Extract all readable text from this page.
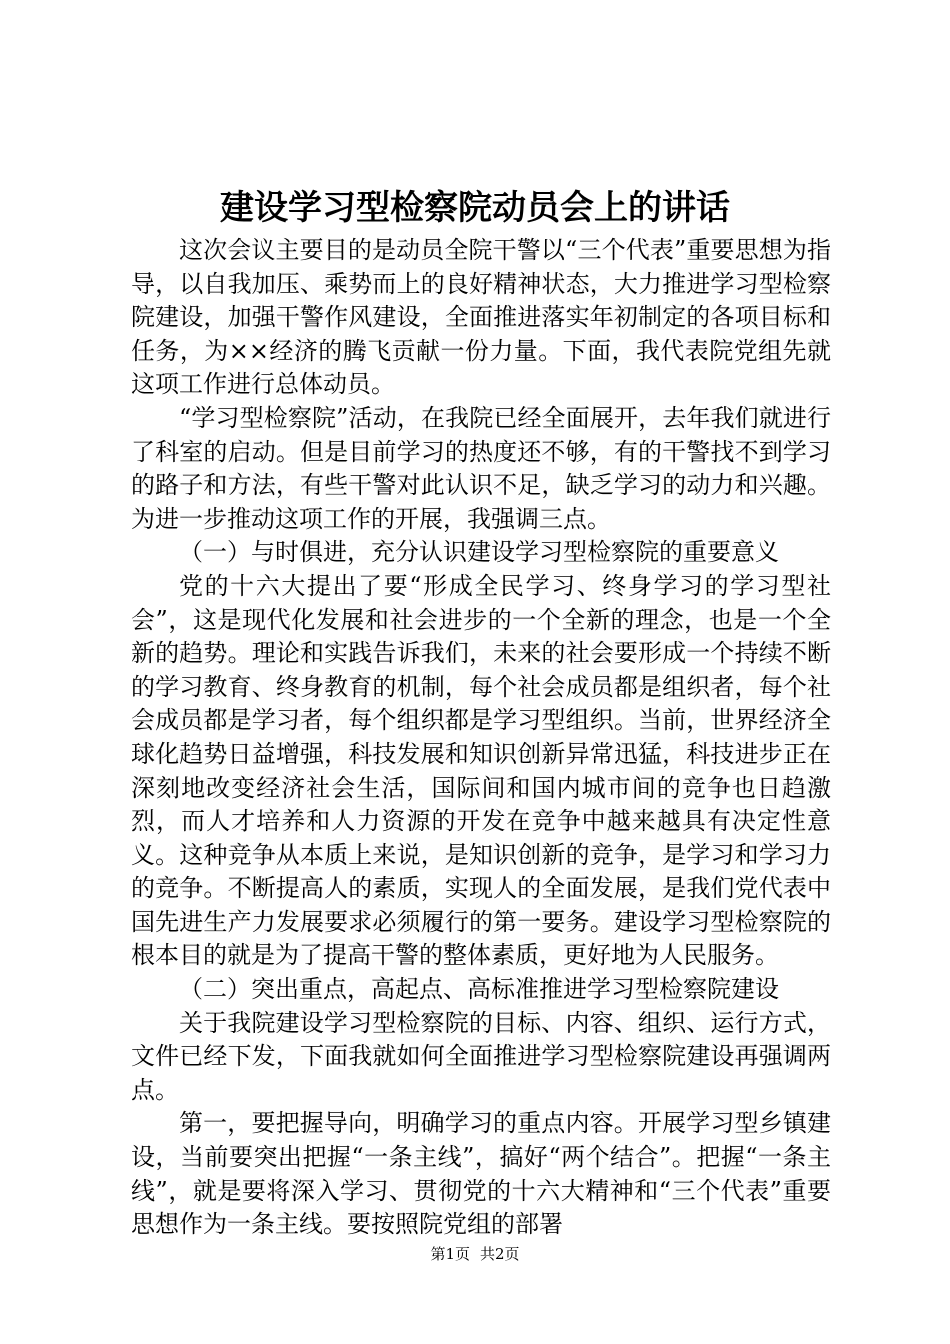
建设学习型检察院动员会上的讲话

这次会议主要目的是动员全院干警以“三个代表”重要思想为指导，以自我加压、乘势而上的良好精神状态，大力推进学习型检察院建设，加强干警作风建设，全面推进落实年初制定的各项目标和任务，为××经济的腾飞贡献一份力量。下面，我代表院党组先就这项工作进行总体动员。

“学习型检察院”活动，在我院已经全面展开，去年我们就进行了科室的启动。但是目前学习的热度还不够，有的干警找不到学习的路子和方法，有些干警对此认识不足，缺乏学习的动力和兴趣。为进一步推动这项工作的开展，我强调三点。

（一）与时俱进，充分认识建设学习型检察院的重要意义

党的十六大提出了要“形成全民学习、终身学习的学习型社会”，这是现代化发展和社会进步的一个全新的理念，也是一个全新的趋势。理论和实践告诉我们，未来的社会要形成一个持续不断的学习教育、终身教育的机制，每个社会成员都是组织者，每个社会成员都是学习者，每个组织都是学习型组织。当前，世界经济全球化趋势日益增强，科技发展和知识创新异常迅猛，科技进步正在深刻地改变经济社会生活，国际间和国内城市间的竞争也日趋激烈，而人才培养和人力资源的开发在竞争中越来越具有决定性意义。这种竞争从本质上来说，是知识创新的竞争，是学习和学习力的竞争。不断提高人的素质，实现人的全面发展，是我们党代表中国先进生产力发展要求必须履行的第一要务。建设学习型检察院的根本目的就是为了提高干警的整体素质，更好地为人民服务。

（二）突出重点，高起点、高标准推进学习型检察院建设

关于我院建设学习型检察院的目标、内容、组织、运行方式，文件已经下发，下面我就如何全面推进学习型检察院建设再强调两点。

第一，要把握导向，明确学习的重点内容。开展学习型乡镇建设，当前要突出把握“一条主线”，搞好“两个结合”。把握“一条主线”，就是要将深入学习、贯彻党的十六大精神和“三个代表”重要思想作为一条主线。要按照院党组的部署

第1页 共2页
